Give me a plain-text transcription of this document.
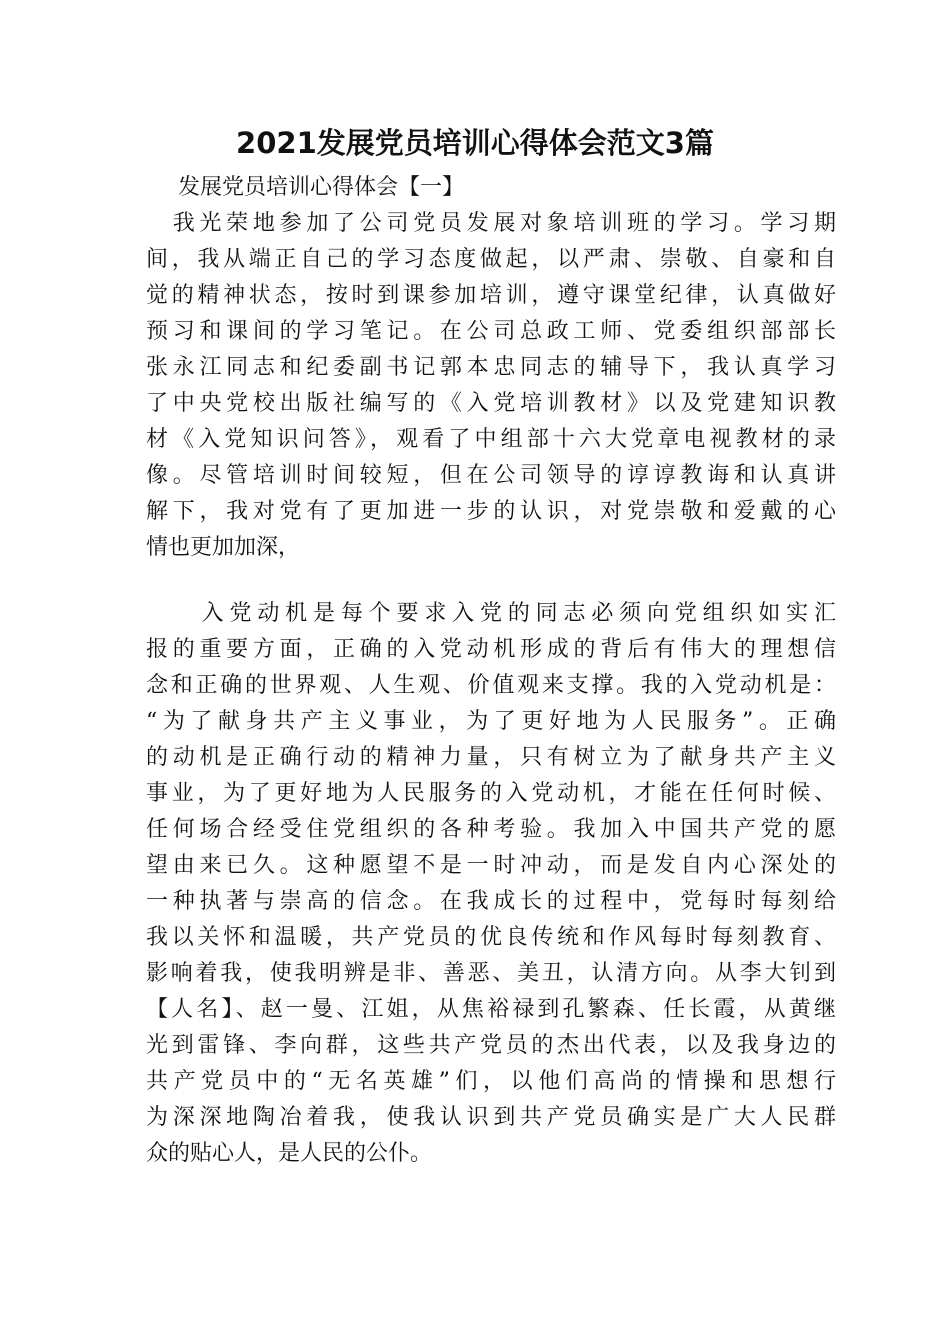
2021发展党员培训心得体会范文3篇
发展党员培训心得体会【一】
　我光荣地参加了公司党员发展对象培训班的学习。学习期
间，我从端正自己的学习态度做起，以严肃、崇敬、自豪和自
觉的精神状态，按时到课参加培训，遵守课堂纪律，认真做好
预习和课间的学习笔记。在公司总政工师、党委组织部部长
张永江同志和纪委副书记郭本忠同志的辅导下，我认真学习
了中央党校出版社编写的《入党培训教材》以及党建知识教
材《入党知识问答》，观看了中组部十六大党章电视教材的录
像。尽管培训时间较短，但在公司领导的谆谆教诲和认真讲
解下，我对党有了更加进一步的认识，对党崇敬和爱戴的心
情也更加加深，
　　入党动机是每个要求入党的同志必须向党组织如实汇
报的重要方面，正确的入党动机形成的背后有伟大的理想信
念和正确的世界观、人生观、价值观来支撑。我的入党动机是：
“为了献身共产主义事业，为了更好地为人民服务”。正确
的动机是正确行动的精神力量，只有树立为了献身共产主义
事业，为了更好地为人民服务的入党动机，才能在任何时候、
任何场合经受住党组织的各种考验。我加入中国共产党的愿
望由来已久。这种愿望不是一时冲动，而是发自内心深处的
一种执著与崇高的信念。在我成长的过程中，党每时每刻给
我以关怀和温暖，共产党员的优良传统和作风每时每刻教育、
影响着我，使我明辨是非、善恶、美丑，认清方向。从李大钊到
【人名】、赵一曼、江姐，从焦裕禄到孔繁森、任长霞，从黄继
光到雷锋、李向群，这些共产党员的杰出代表，以及我身边的
共产党员中的“无名英雄”们，以他们高尚的情操和思想行
为深深地陶冶着我，使我认识到共产党员确实是广大人民群
众的贴心人，是人民的公仆。
